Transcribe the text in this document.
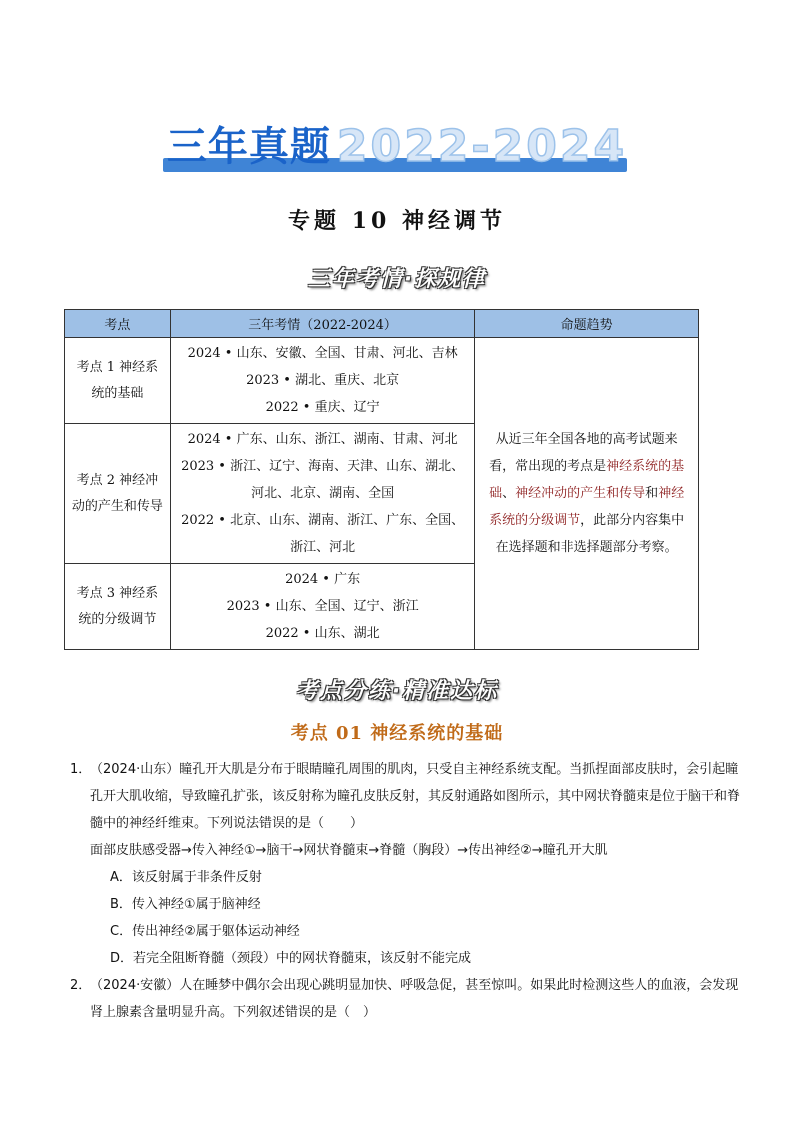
三年真题 2022-2024
专题 10 神经调节
三年考情·探规律
考点	三年考情（2022-2024）	命题趋势
考点 1 神经系统的基础	2024 • 山东、安徽、全国、甘肃、河北、吉林
2023 • 湖北、重庆、北京
2022 • 重庆、辽宁	从近三年全国各地的高考试题来看，常出现的考点是神经系统的基础、神经冲动的产生和传导和神经系统的分级调节，此部分内容集中在选择题和非选择题部分考察。
考点 2 神经冲动的产生和传导	2024 • 广东、山东、浙江、湖南、甘肃、河北
2023 • 浙江、辽宁、海南、天津、山东、湖北、河北、北京、湖南、全国
2022 • 北京、山东、湖南、浙江、广东、全国、浙江、河北	

考点 3 神经系统的分级调节	2024 • 广东
2023 • 山东、全国、辽宁、浙江
2022 • 山东、湖北	
考点分练·精准达标
考点 01 神经系统的基础
1．
（2024·山东）瞳孔开大肌是分布于眼睛瞳孔周围的肌肉，只受自主神经系统支配。当抓捏面部皮肤时，会引起瞳孔开大肌收缩，导致瞳孔扩张，该反射称为瞳孔皮肤反射，其反射通路如图所示，其中网状脊髓束是位于脑干和脊髓中的神经纤维束。下列说法错误的是（　　）
面部皮肤感受器→传入神经①→脑干→网状脊髓束→脊髓（胸段）→传出神经②→瞳孔开大肌
A．该反射属于非条件反射
B．传入神经①属于脑神经
C．传出神经②属于躯体运动神经
D．若完全阻断脊髓（颈段）中的网状脊髓束，该反射不能完成
2．
（2024·安徽）人在睡梦中偶尔会出现心跳明显加快、呼吸急促，甚至惊叫。如果此时检测这些人的血液，会发现肾上腺素含量明显升高。下列叙述错误的是（　）
